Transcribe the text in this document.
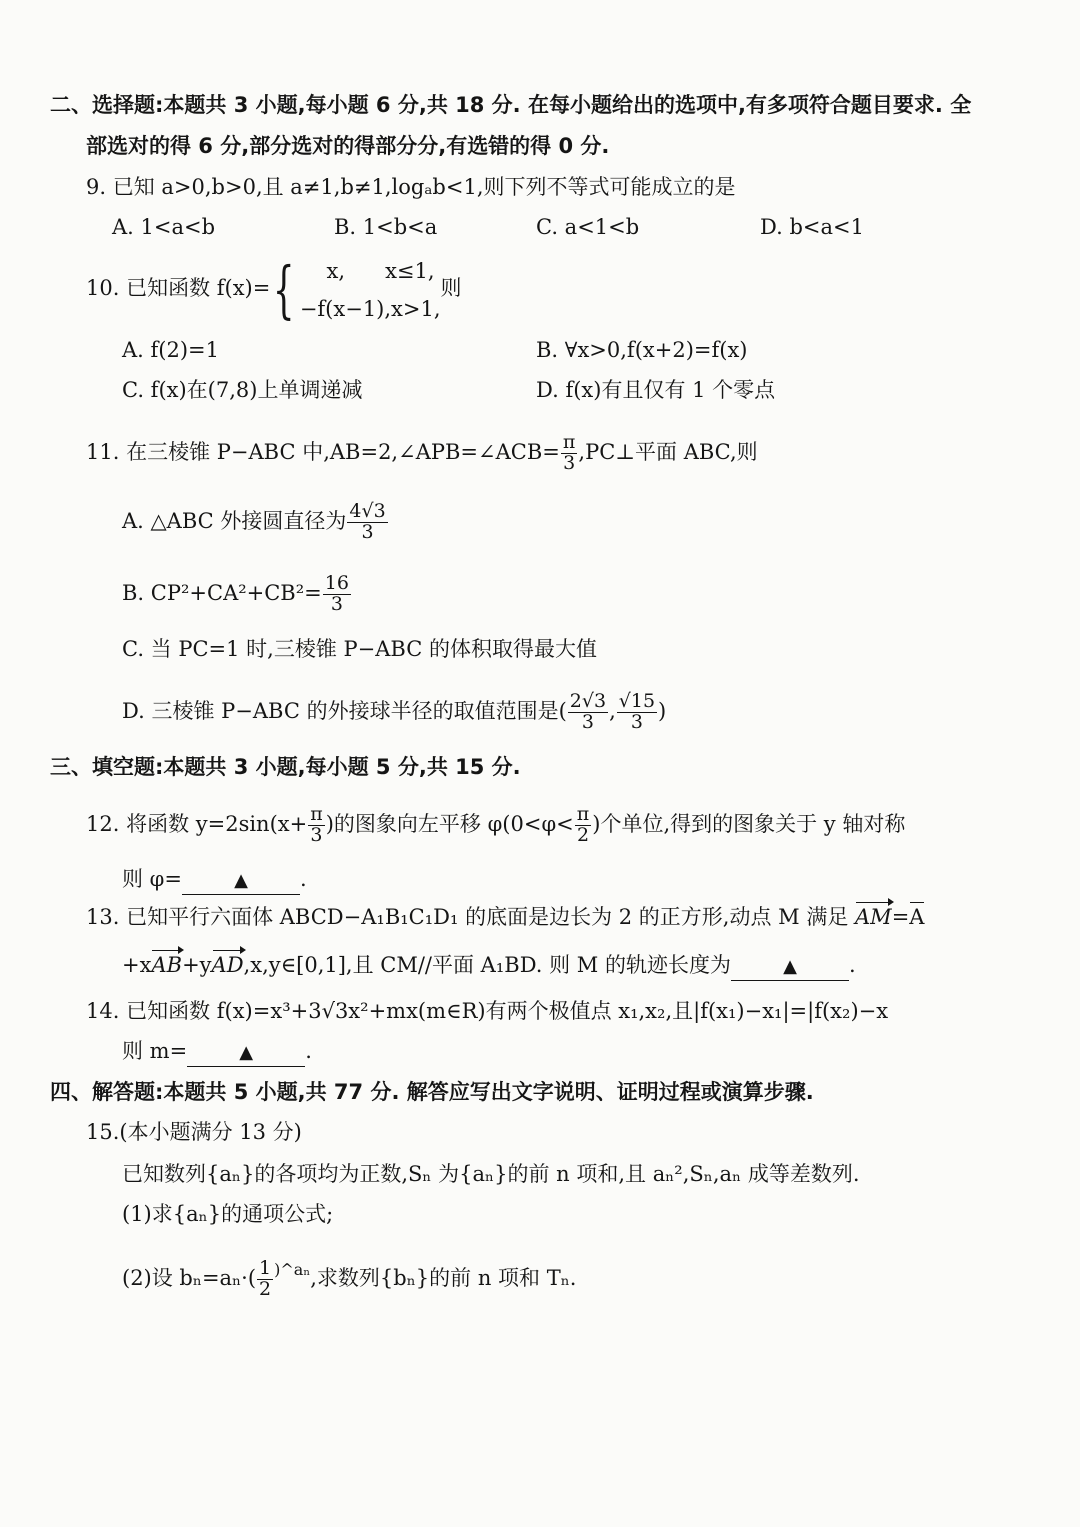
二、选择题:本题共 3 小题,每小题 6 分,共 18 分. 在每小题给出的选项中,有多项符合题目要求. 全
部选对的得 6 分,部分选对的得部分分,有选错的得 0 分.
9. 已知 a>0,b>0,且 a≠1,b≠1,logₐb<1,则下列不等式可能成立的是
A. 1<a<b	B. 1<b<a	C. a<1<b	D. b<a<1
10. 已知函数 f(x)={ x,      x≤1,
−f(x−1),x>1,
则
A. f(2)=1	B. ∀x>0,f(x+2)=f(x)
C. f(x)在(7,8)上单调递减	D. f(x)有且仅有 1 个零点
11. 在三棱锥 P−ABC 中,AB=2,∠APB=∠ACB= $\frac{\pi}{3}$ ,PC⊥平面 ABC,则
A. △ABC 外接圆直径为 $\frac{4√3}{3}$
B. $CP^2+CA^2+CB^2= \frac{16}{3}$
C. 当 PC=1 时,三棱锥 P−ABC 的体积取得最大值
D. 三棱锥 P−ABC 的外接球半径的取值范围是( $\frac{2√3}{3}$ , $\frac{√15}{3}$ )
三、填空题:本题共 3 小题,每小题 5 分,共 15 分.
12. 将函数 $y=2\sin(x+ \frac{\pi}{3}$ )的图象向左平移 $\varphi(0<\varphi< \frac{\pi}{2}$ )个单位,得到的图象关于 y 轴对称
则 φ=	▲ .
13. 已知平行六面体 ABCD−A₁B₁C₁D₁ 的底面是边长为 2 的正方形,动点 M 满足 AM=A
+xAB+yAD,x,y∈[0,1],且 CM//平面 A₁BD. 则 M 的轨迹长度为	▲ .
14. 已知函数 f(x)=x³+3√3x²+mx(m∈R)有两个极值点 x₁,x₂,且|f(x₁)−x₁|=|f(x₂)−x
则 m=	▲ .
四、解答题:本题共 5 小题,共 77 分. 解答应写出文字说明、证明过程或演算步骤.
15.(本小题满分 13 分)
已知数列{aₙ}的各项均为正数,Sₙ 为{aₙ}的前 n 项和,且 aₙ²,Sₙ,aₙ 成等差数列.
(1)求{aₙ}的通项公式;
(2)设 $b_n=a_n\cdot( \frac{1}{2} ^{)\^{}a_n}$,求数列{bₙ}的前 n 项和 Tₙ.
